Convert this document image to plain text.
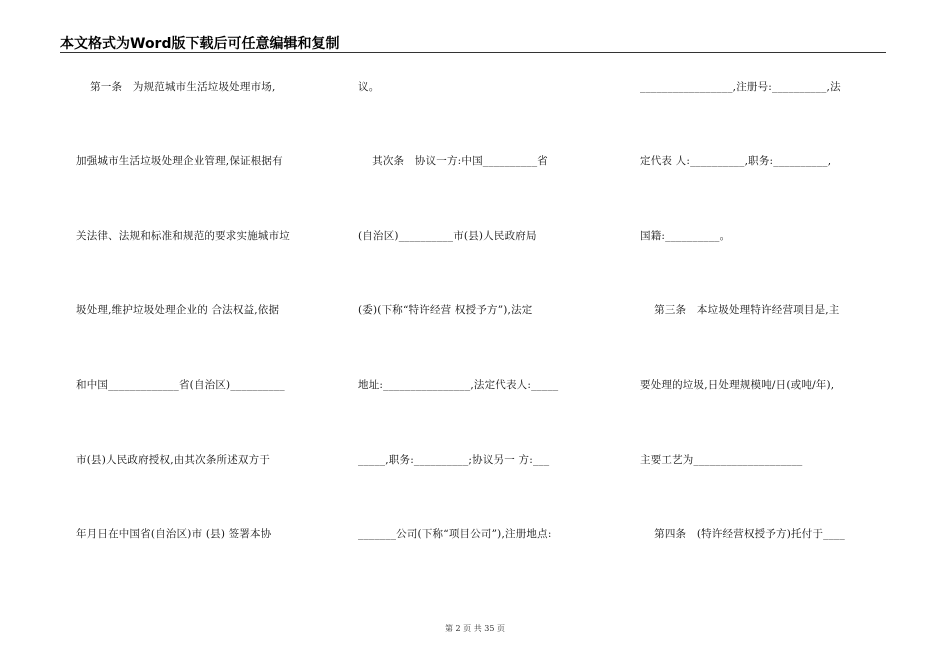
本文格式为Word版下载后可任意编辑和复制
第一条   为规范城市生活垃圾处理市场,
加强城市生活垃圾处理企业管理,保证根据有
关法律、法规和标准和规范的要求实施城市垃
圾处理,维护垃圾处理企业的 合法权益,依据
和中国_____________省(自治区)__________
市(县)人民政府授权,由其次条所述双方于
年月日在中国省(自治区)市 (县) 签署本协
议。
其次条   协议一方:中国__________省
(自治区)__________市(县)人民政府局
(委)(下称“特许经营 权授予方”),法定
地址:________________,法定代表人:_____
_____,职务:__________;协议另一 方:___
_______公司(下称“项目公司”),注册地点:
_________________,注册号:__________,法
定代表 人:__________,职务:__________,
国籍:__________。
第三条   本垃圾处理特许经营项目是,主
要处理的垃圾,日处理规模吨/日(或吨/年),
主要工艺为____________________
第四条   (特许经营权授予方)托付于____
第 2 页 共 35 页
